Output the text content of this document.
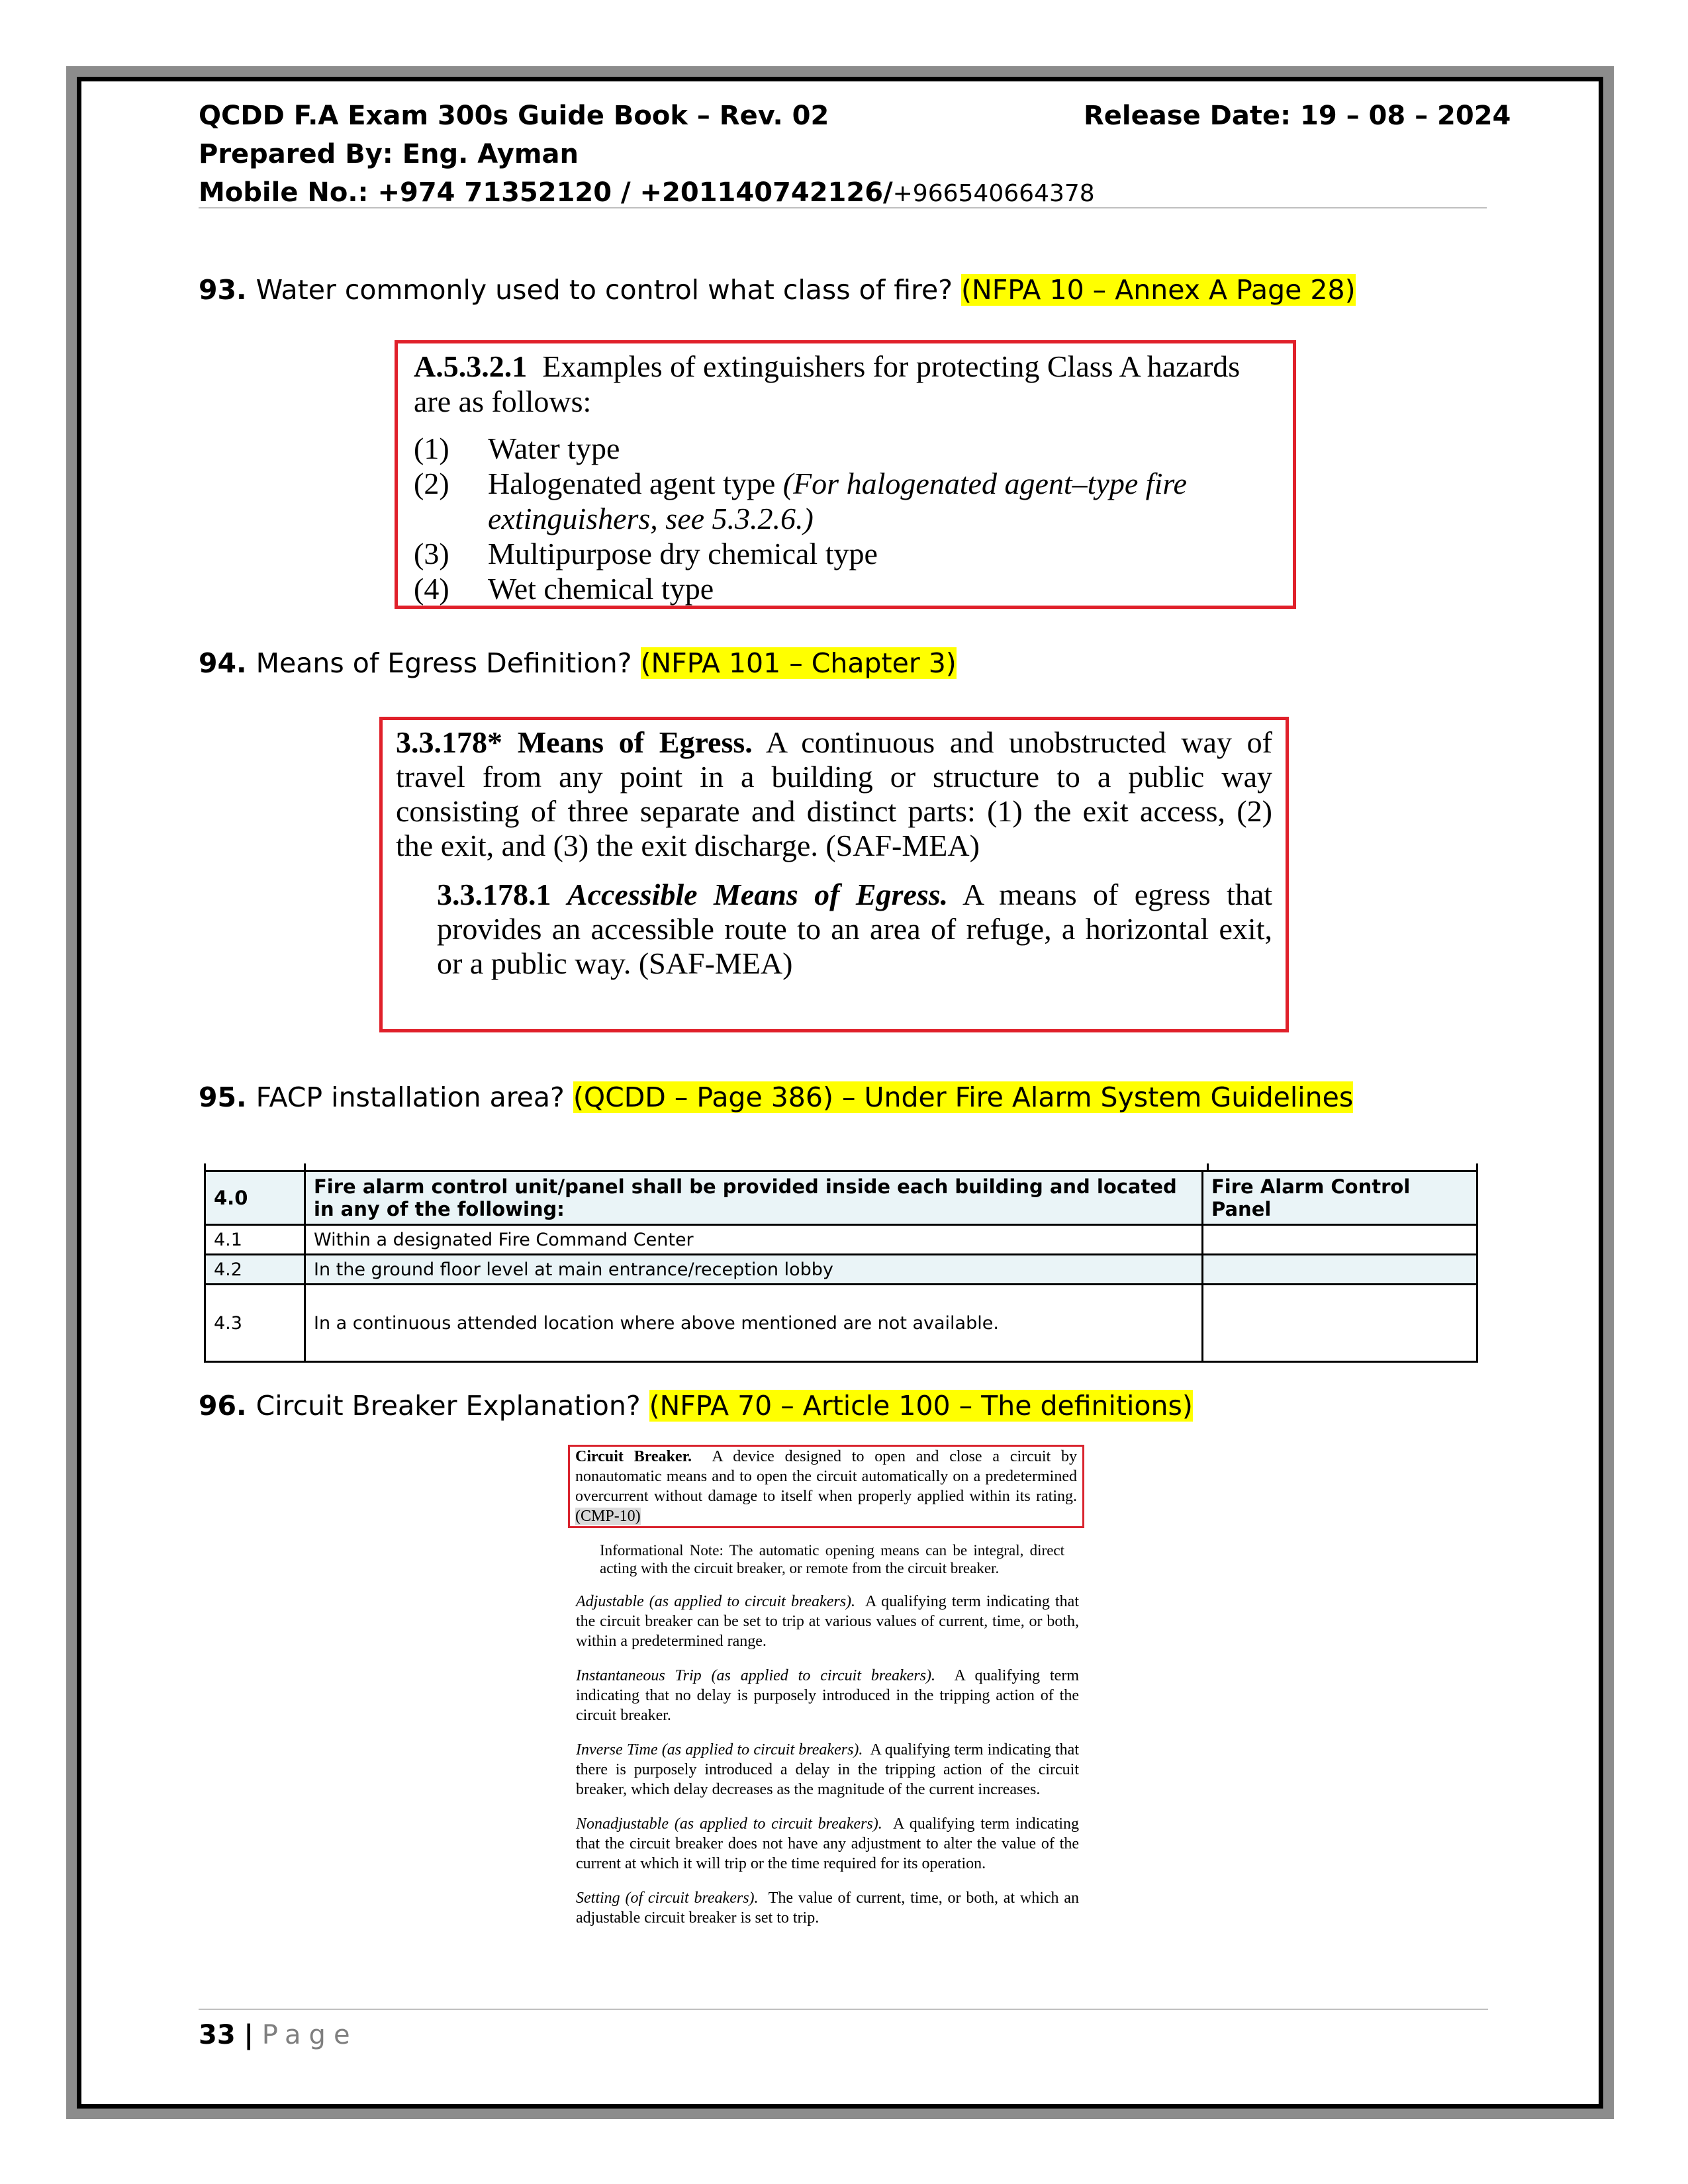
QCDD F.A Exam 300s Guide Book – Rev. 02	Release Date: 19 – 08 – 2024
Prepared By: Eng. Ayman
Mobile No.: +974 71352120 / +201140742126/+966540664378
93. Water commonly used to control what class of fire? (NFPA 10 – Annex A Page 28)

A.5.3.2.1 Examples of extinguishers for protecting Class A hazards are as follows:

(1)	Water type
(2)	Halogenated agent type (For halogenated agent–type fire extinguishers, see 5.3.2.6.)
(3)	Multipurpose dry chemical type
(4)	Wet chemical type
94. Means of Egress Definition? (NFPA 101 – Chapter 3)

3.3.178* Means of Egress. A continuous and unobstructed way of travel from any point in a building or structure to a public way consisting of three separate and distinct parts: (1) the exit access, (2) the exit, and (3) the exit discharge. (SAF-MEA)

3.3.178.1 Accessible Means of Egress. A means of egress that provides an accessible route to an area of refuge, a horizontal exit, or a public way. (SAF-MEA)

95. FACP installation area? (QCDD – Page 386) – Under Fire Alarm System Guidelines
4.0	Fire alarm control unit/panel shall be provided inside each building and located in any of the following:	Fire Alarm Control Panel
4.1	Within a designated Fire Command Center	
4.2	In the ground floor level at main entrance/reception lobby	
4.3	In a continuous attended location where above mentioned are not available.	
96. Circuit Breaker Explanation? (NFPA 70 – Article 100 – The definitions)
Circuit Breaker. A device designed to open and close a circuit by nonautomatic means and to open the circuit automatically on a predetermined overcurrent without damage to itself when properly applied within its rating. (CMP-10)
Informational Note: The automatic opening means can be integral, direct acting with the circuit breaker, or remote from the circuit breaker.
Adjustable (as applied to circuit breakers). A qualifying term indicating that the circuit breaker can be set to trip at various values of current, time, or both, within a predetermined range.
Instantaneous Trip (as applied to circuit breakers). A qualifying term indicating that no delay is purposely introduced in the tripping action of the circuit breaker.
Inverse Time (as applied to circuit breakers). A qualifying term indicating that there is purposely introduced a delay in the tripping action of the circuit breaker, which delay decreases as the magnitude of the current increases.
Nonadjustable (as applied to circuit breakers). A qualifying term indicating that the circuit breaker does not have any adjustment to alter the value of the current at which it will trip or the time required for its operation.
Setting (of circuit breakers). The value of current, time, or both, at which an adjustable circuit breaker is set to trip.
33 | Page
